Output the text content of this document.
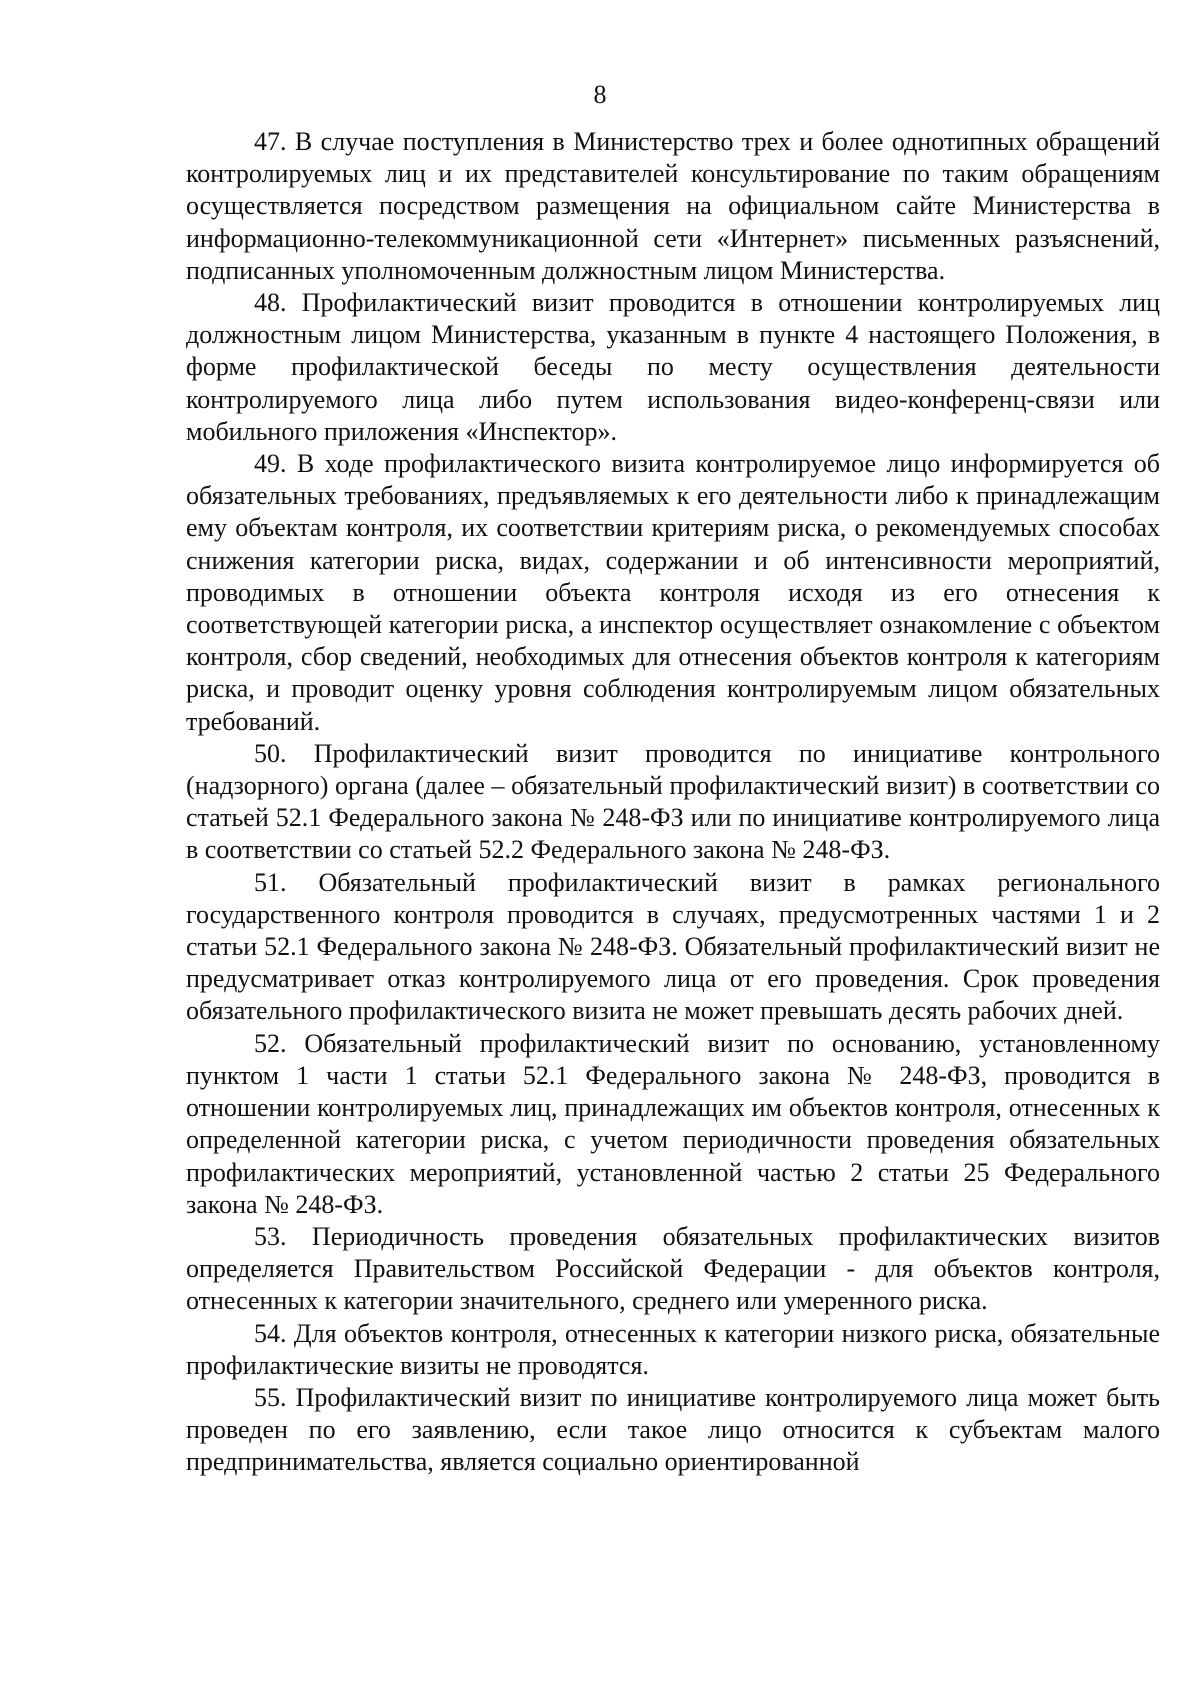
8

47. В случае поступления в Министерство трех и более однотипных обращений контролируемых лиц и их представителей консультирование по таким обращениям осуществляется посредством размещения на официальном сайте Министерства в информационно-телекоммуникационной сети «Интернет» письменных разъяснений, подписанных уполномоченным должностным лицом Министерства.

48. Профилактический визит проводится в отношении контролируемых лиц должностным лицом Министерства, указанным в пункте 4 настоящего Положения, в форме профилактической беседы по месту осуществления деятельности контролируемого лица либо путем использования видео-конференц-связи или мобильного приложения «Инспектор».

49. В ходе профилактического визита контролируемое лицо информируется об обязательных требованиях, предъявляемых к его деятельности либо к принадлежащим ему объектам контроля, их соответствии критериям риска, о рекомендуемых способах снижения категории риска, видах, содержании и об интенсивности мероприятий, проводимых в отношении объекта контроля исходя из его отнесения к соответствующей категории риска, а инспектор осуществляет ознакомление с объектом контроля, сбор сведений, необходимых для отнесения объектов контроля к категориям риска, и проводит оценку уровня соблюдения контролируемым лицом обязательных требований.

50. Профилактический визит проводится по инициативе контрольного (надзорного) органа (далее – обязательный профилактический визит) в соответствии со статьей 52.1 Федерального закона № 248-ФЗ или по инициативе контролируемого лица в соответствии со статьей 52.2 Федерального закона № 248-ФЗ.

51. Обязательный профилактический визит в рамках регионального государственного контроля проводится в случаях, предусмотренных частями 1 и 2 статьи 52.1 Федерального закона № 248-ФЗ. Обязательный профилактический визит не предусматривает отказ контролируемого лица от его проведения. Срок проведения обязательного профилактического визита не может превышать десять рабочих дней.

52. Обязательный профилактический визит по основанию, установленному пунктом 1 части 1 статьи 52.1 Федерального закона № 248-ФЗ, проводится в отношении контролируемых лиц, принадлежащих им объектов контроля, отнесенных к определенной категории риска, с учетом периодичности проведения обязательных профилактических мероприятий, установленной частью 2 статьи 25 Федерального закона № 248-ФЗ.

53. Периодичность проведения обязательных профилактических визитов определяется Правительством Российской Федерации - для объектов контроля, отнесенных к категории значительного, среднего или умеренного риска.

54. Для объектов контроля, отнесенных к категории низкого риска, обязательные профилактические визиты не проводятся.

55. Профилактический визит по инициативе контролируемого лица может быть проведен по его заявлению, если такое лицо относится к субъектам малого предпринимательства, является социально ориентированной
